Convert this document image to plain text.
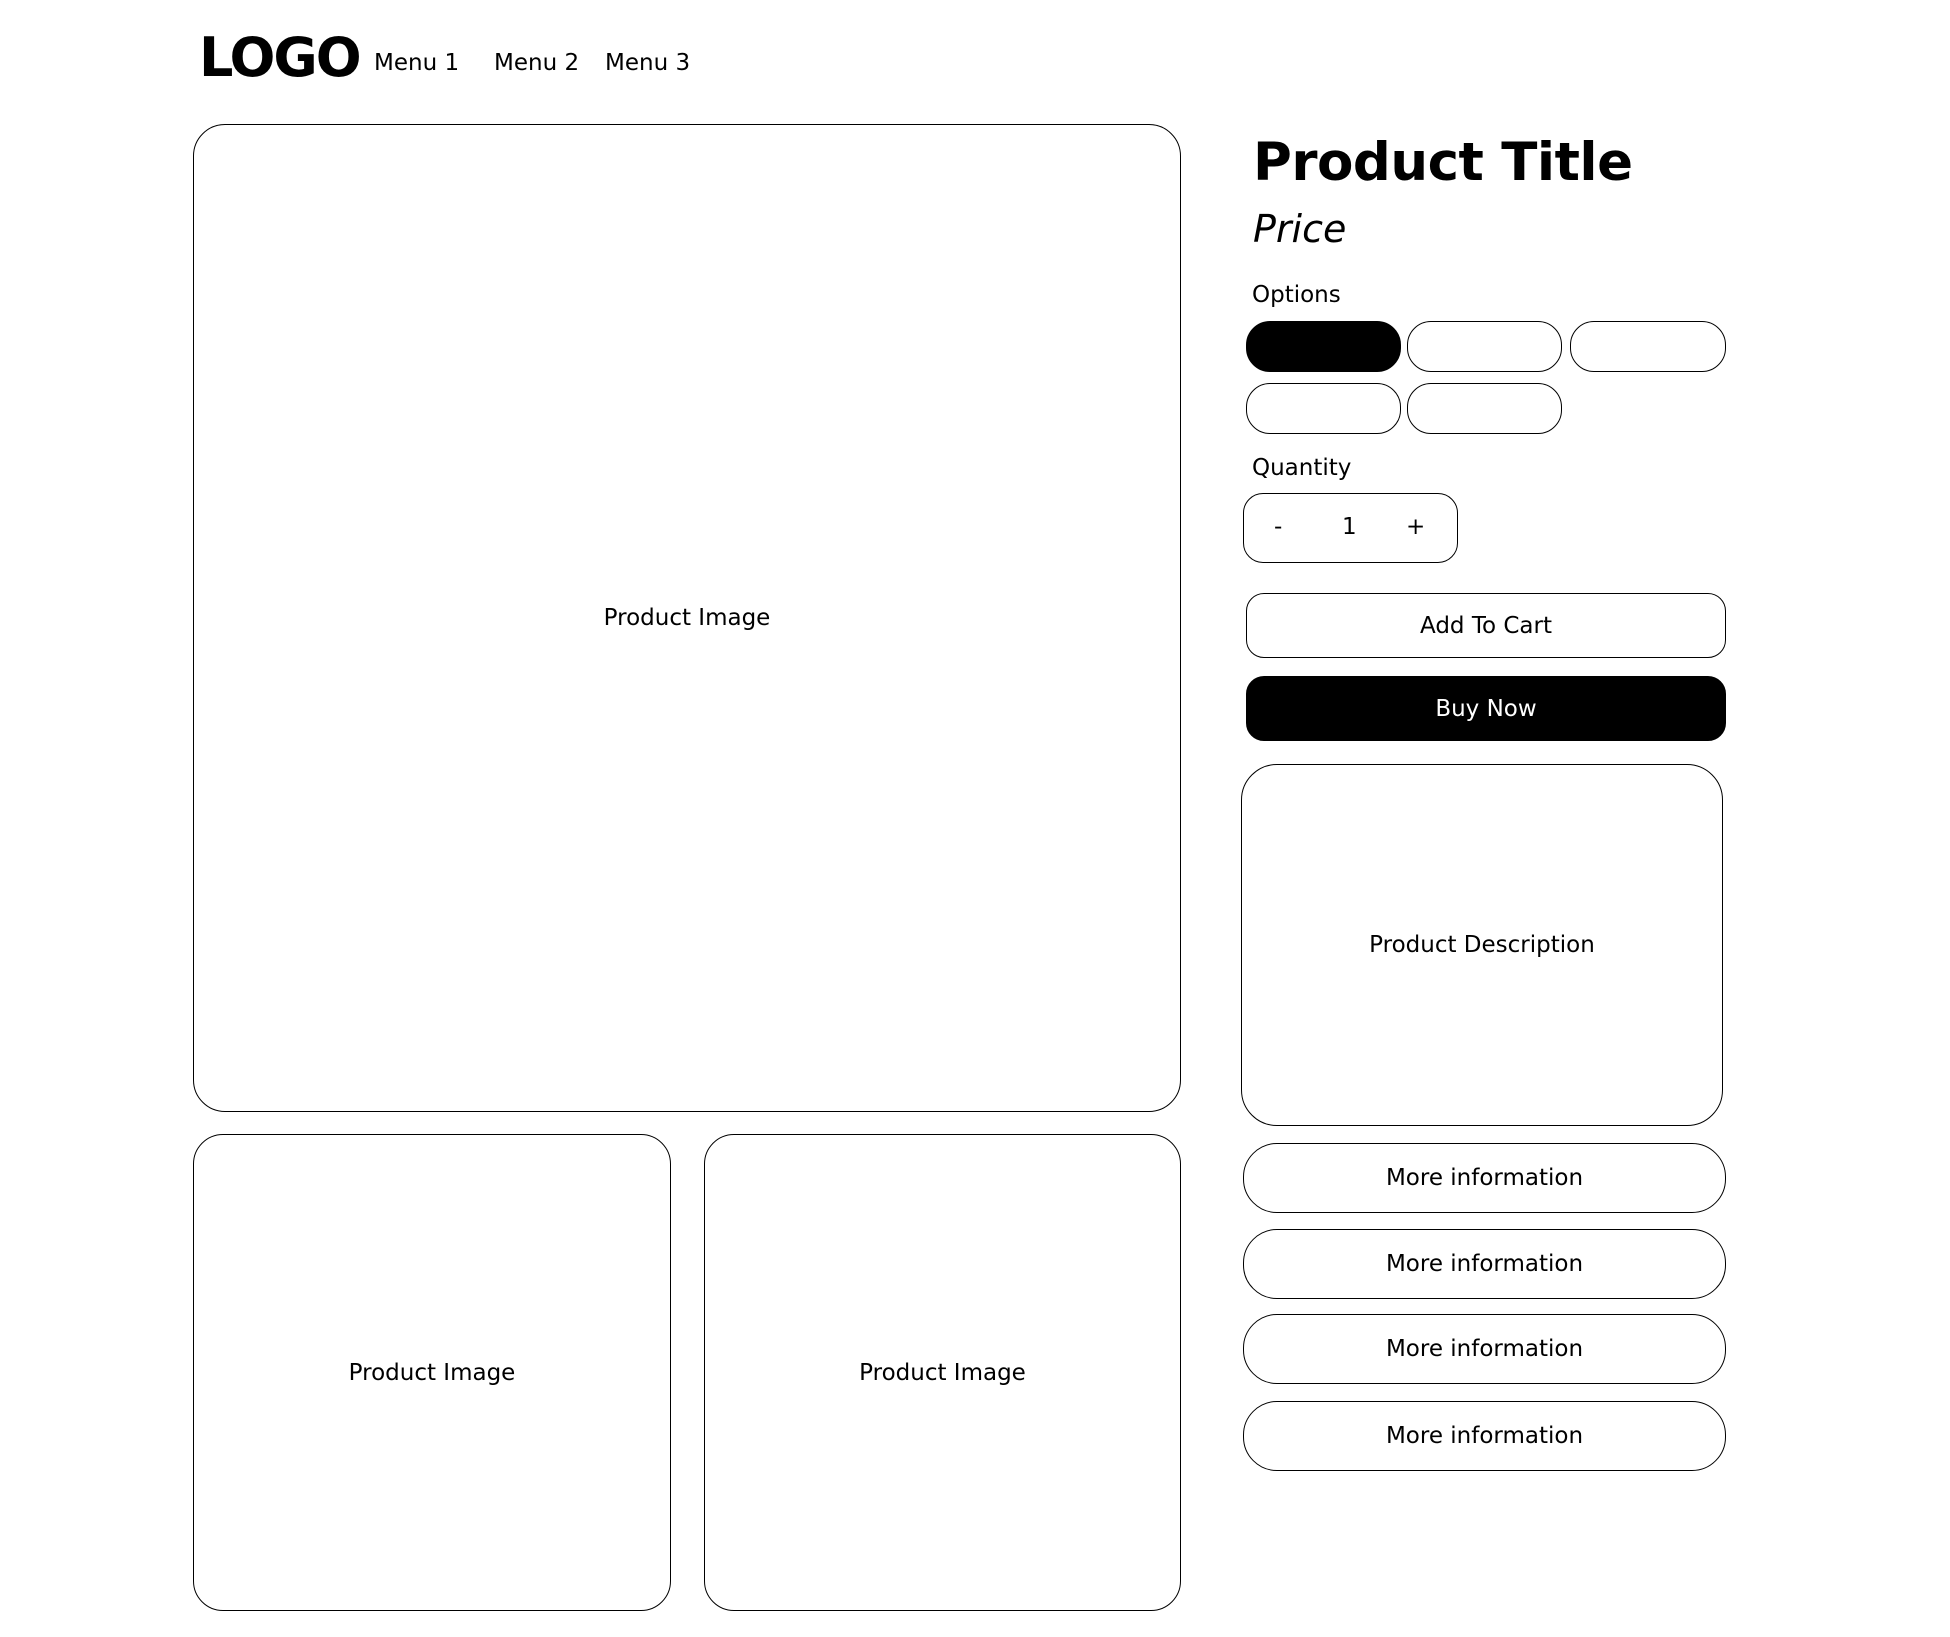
LOGO Menu 1 Menu 2 Menu 3
Product Image
Product Image	Product Image
Product Title
Price
Options
Quantity
-	1 +
Add To Cart
Buy Now
Product Description
More information
More information
More information
More information
